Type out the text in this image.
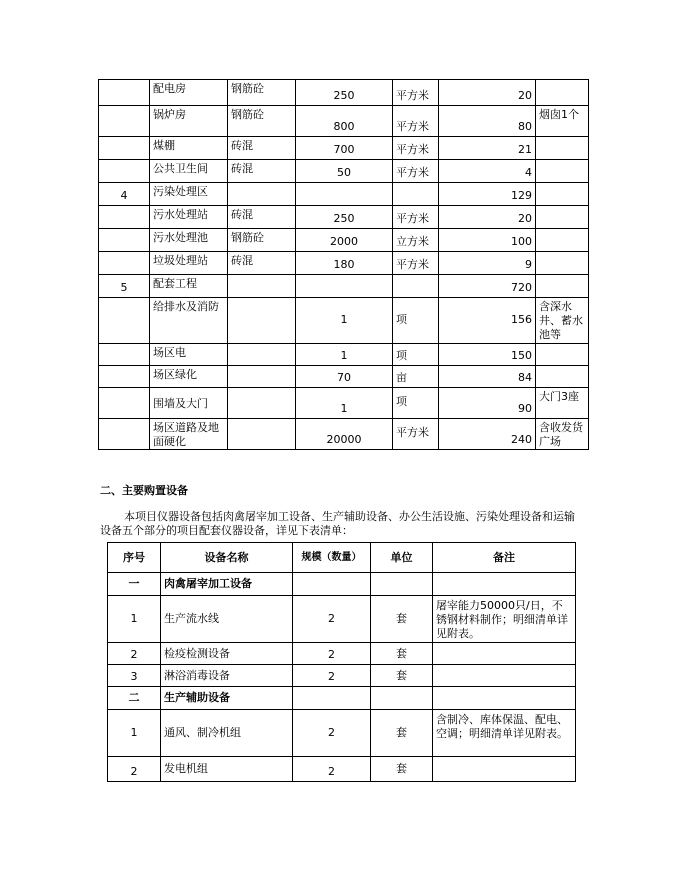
	配电房	钢筋砼	250	平方米	20	
	锅炉房	钢筋砼	800	平方米	80	烟囱1个
	煤棚	砖混	700	平方米	21	
	公共卫生间	砖混	50	平方米	4	
4	污染处理区				129	
	污水处理站	砖混	250	平方米	20	
	污水处理池	钢筋砼	2000	立方米	100	
	垃圾处理站	砖混	180	平方米	9	
5	配套工程				720	
	给排水及消防		1	项	156	含深水井、蓄水池等
	场区电		1	项	150	
	场区绿化		70	亩	84	
	围墙及大门		1	项	90	大门3座
	场区道路及地面硬化		20000	平方米	240	含收发货广场
二、主要购置设备
本项目仪器设备包括肉禽屠宰加工设备、生产辅助设备、办公生活设施、污染处理设备和运输设备五个部分的项目配套仪器设备，详见下表清单：
序号	设备名称	规模（数量）	单位	备注
一	肉禽屠宰加工设备			
1	生产流水线	2	套	屠宰能力50000只/日，不锈钢材料制作；明细清单详见附表。
2	检疫检测设备	2	套	
3	淋浴消毒设备	2	套	
二	生产辅助设备			
1	通风、制冷机组	2	套	含制冷、库体保温、配电、空调；明细清单详见附表。
2	发电机组	2	套	
